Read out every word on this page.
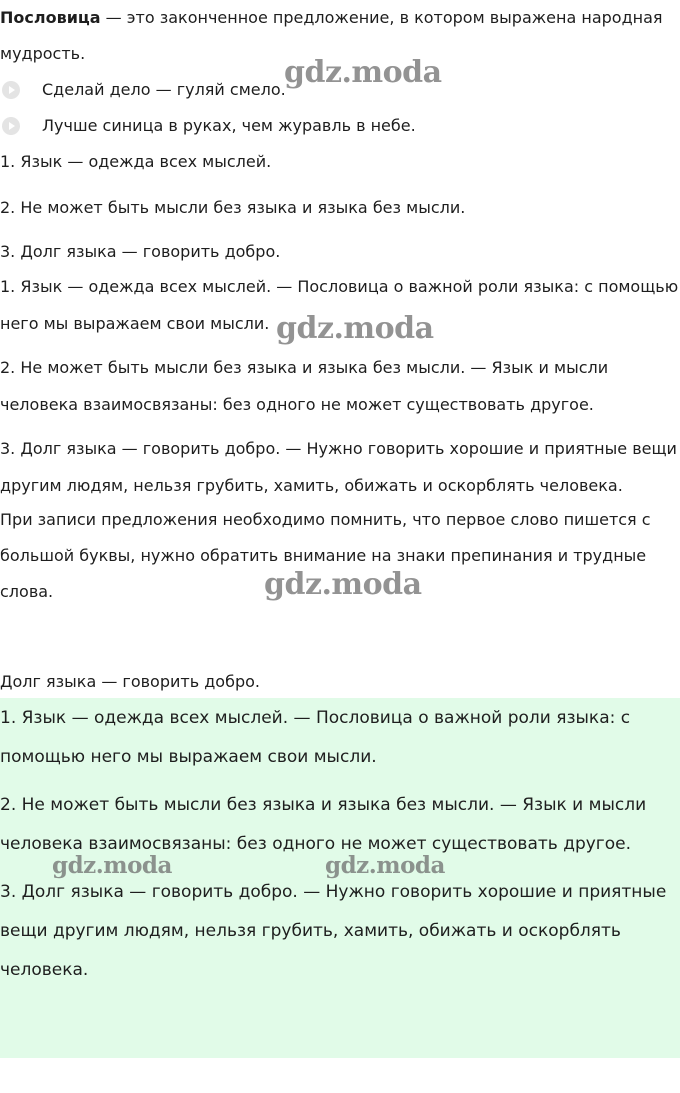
Пословица — это законченное предложение, в котором выражена народная

мудрость.

Сделай дело — гуляй смело.

Лучше синица в руках, чем журавль в небе.

1. Язык — одежда всех мыслей.

2. Не может быть мысли без языка и языка без мысли.

3. Долг языка — говорить добро.

1. Язык — одежда всех мыслей. — Пословица о важной роли языка: с помощью

него мы выражаем свои мысли.

2. Не может быть мысли без языка и языка без мысли. — Язык и мысли

человека взаимосвязаны: без одного не может существовать другое.

3. Долг языка — говорить добро. — Нужно говорить хорошие и приятные вещи

другим людям, нельзя грубить, хамить, обижать и оскорблять человека.

При записи предложения необходимо помнить, что первое слово пишется с

большой буквы, нужно обратить внимание на знаки препинания и трудные

слова.

Долг языка — говорить добро.

1. Язык — одежда всех мыслей. — Пословица о важной роли языка: с

помощью него мы выражаем свои мысли.

2. Не может быть мысли без языка и языка без мысли. — Язык и мысли

человека взаимосвязаны: без одного не может существовать другое.

3. Долг языка — говорить добро. — Нужно говорить хорошие и приятные

вещи другим людям, нельзя грубить, хамить, обижать и оскорблять

человека.

gdz.moda
gdz.moda
gdz.moda
gdz.moda	gdz.moda
